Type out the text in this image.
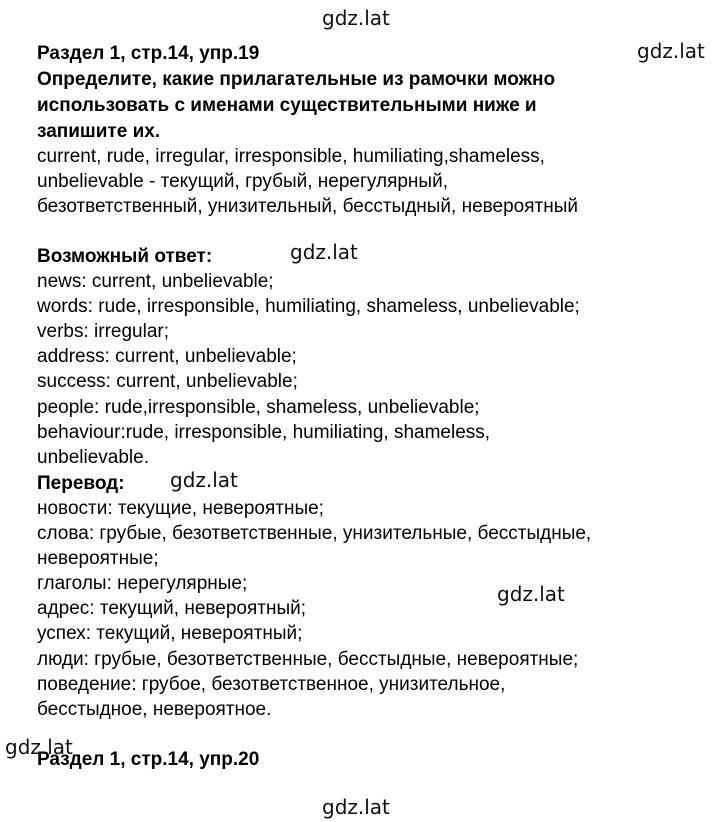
gdz.lat
gdz.lat
gdz.lat
gdz.lat
gdz.lat
Раздел 1, стр.14, упр.19
Определите, какие прилагательные из рамочки можно
использовать с именами существительными ниже и
запишите их.
current, rude, irregular, irresponsible, humiliating,shameless,
unbelievable - текущий, грубый, нерегулярный,
безответственный, унизительный, бесстыдный, невероятный
Возможный ответ:
news: current, unbelievable;
words: rude, irresponsible, humiliating, shameless, unbelievable;
verbs: irregular;
address: current, unbelievable;
success: current, unbelievable;
people: rude,irresponsible, shameless, unbelievable;
behaviour:rude, irresponsible, humiliating, shameless,
unbelievable.
Перевод:
новости: текущие, невероятные;
слова: грубые, безответственные, унизительные, бесстыдные,
невероятные;
глаголы: нерегулярные;
адрес: текущий, невероятный;
успех: текущий, невероятный;
люди: грубые, безответственные, бесстыдные, невероятные;
поведение: грубое, безответственное, унизительное,
бесстыдное, невероятное.
Раздел 1, стр.14, упр.20
gdz.lat
gdz.lat
